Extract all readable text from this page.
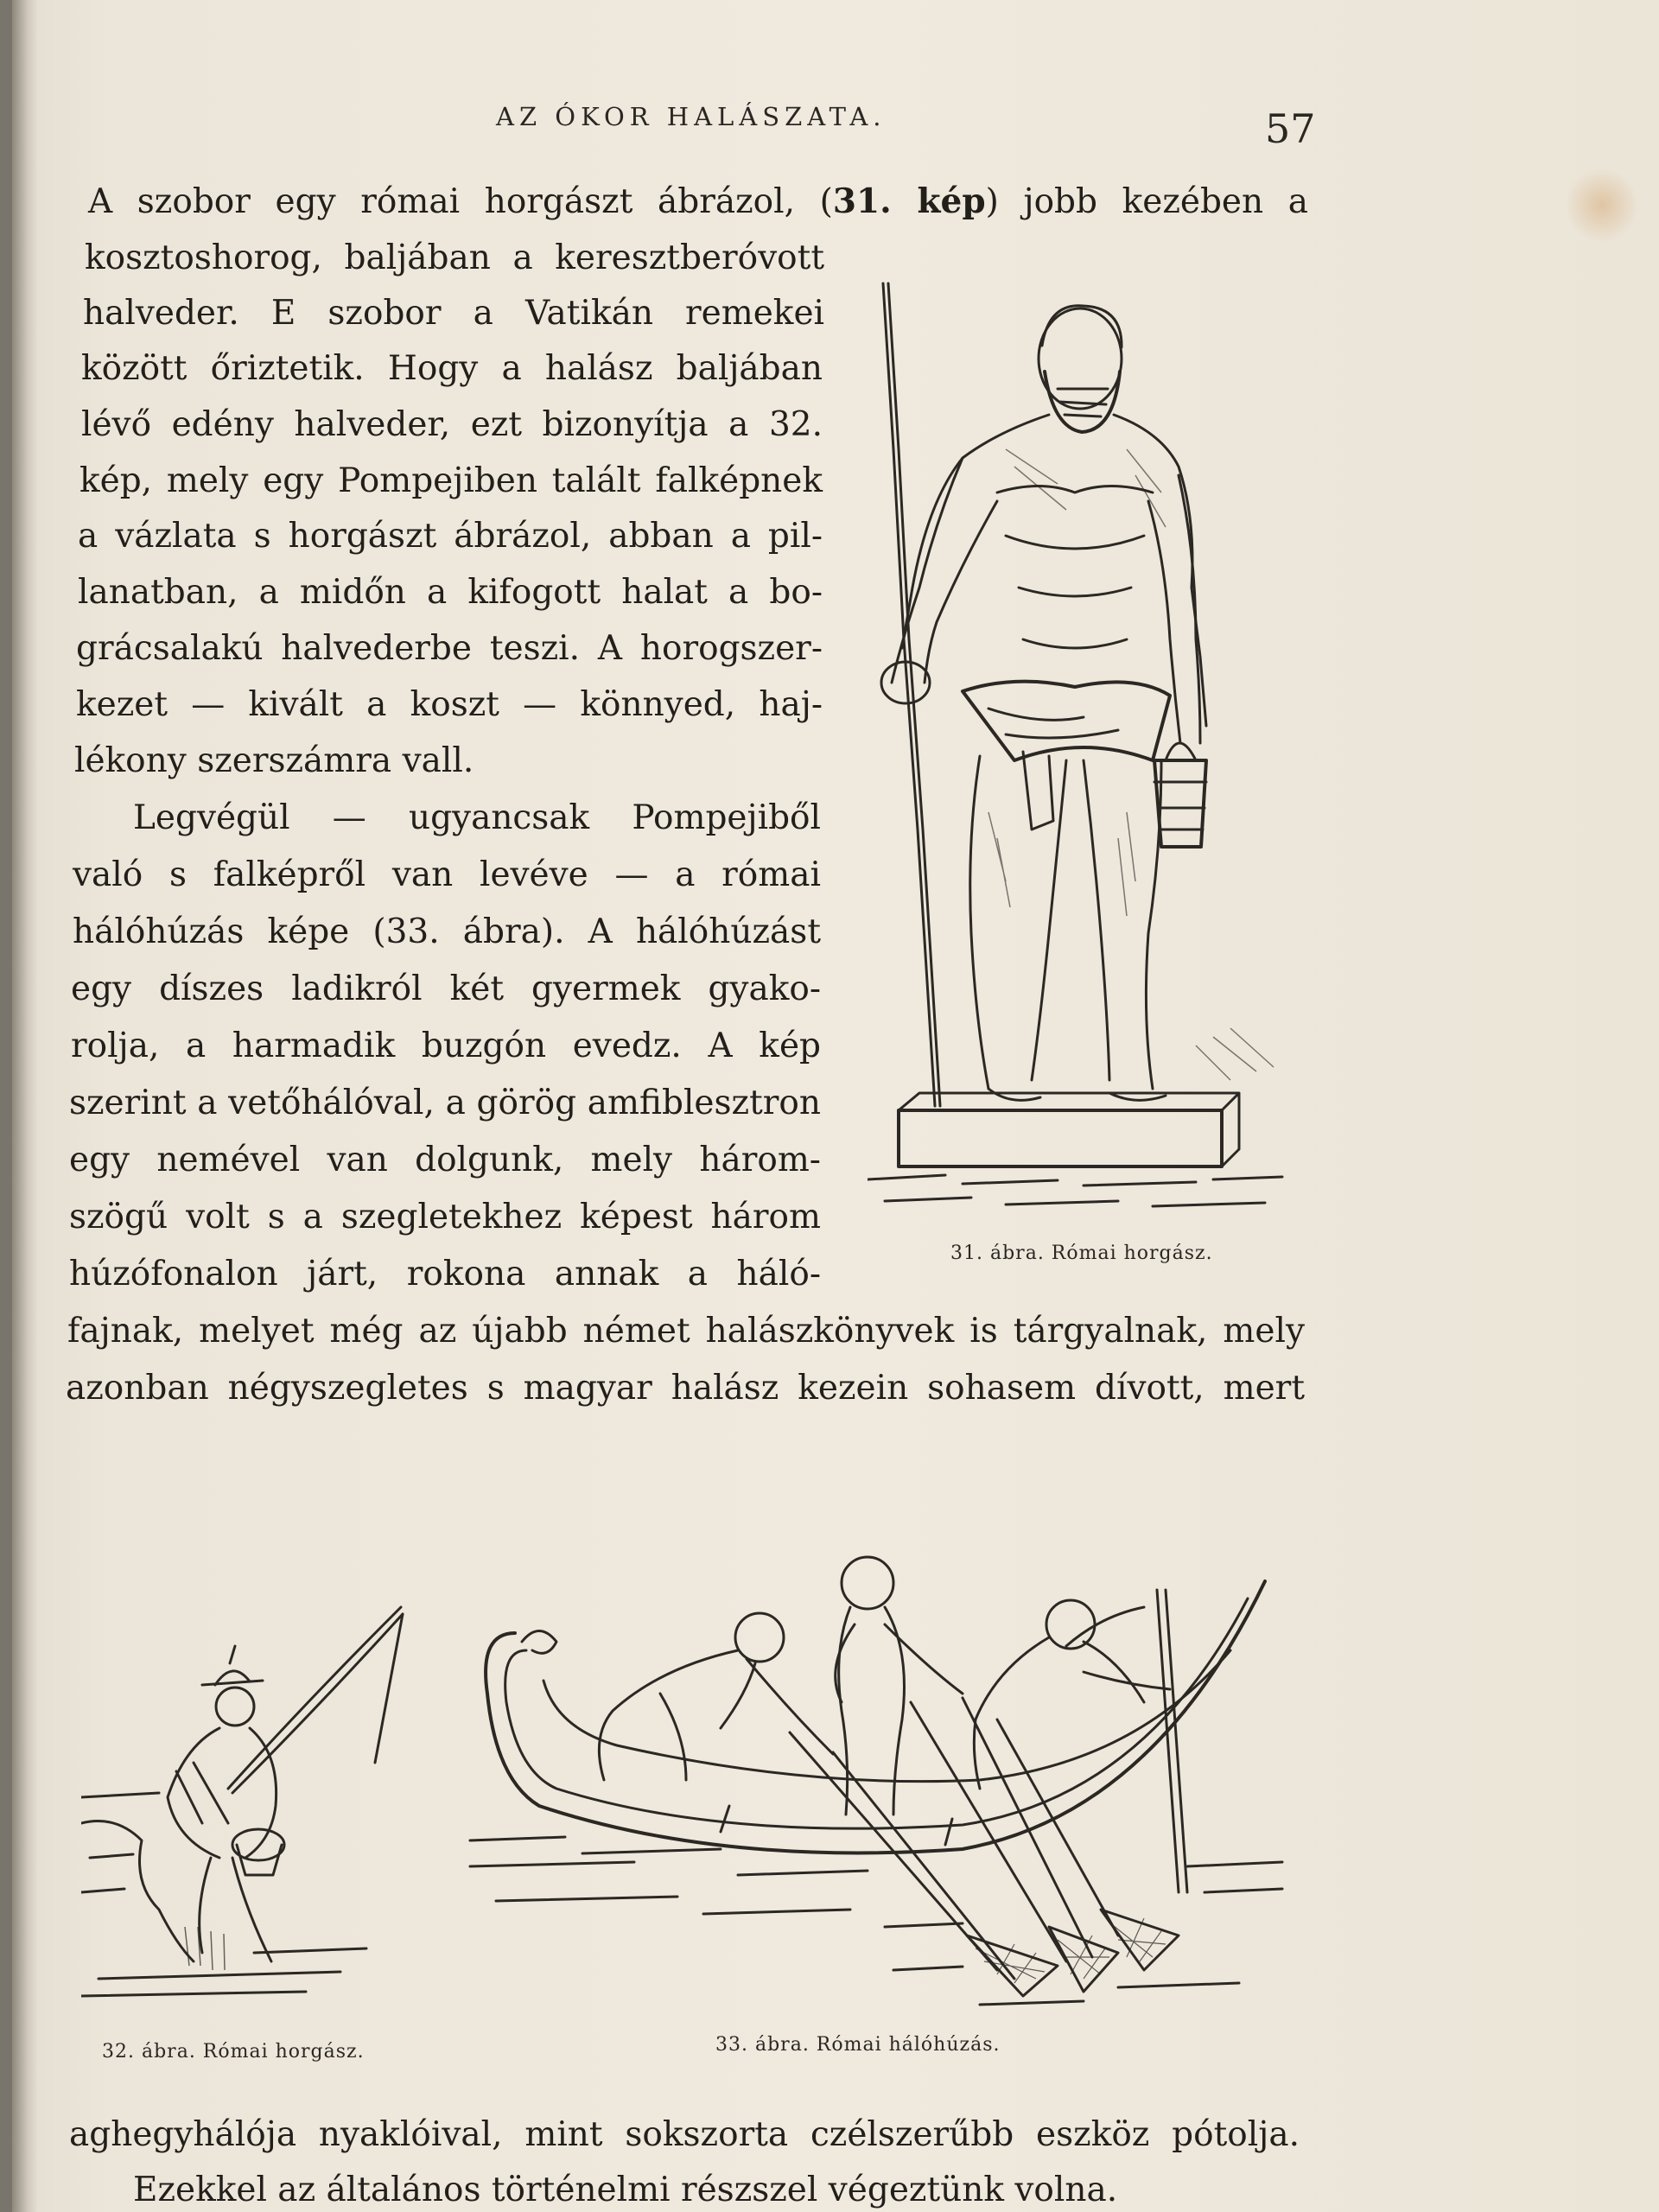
AZ ÓKOR HALÁSZATA.	57

A szobor egy római horgászt ábrázol, (31. kép) jobb kezében a

kosztoshorog, baljában a keresztberóvott

halveder. E szobor a Vatikán remekei

között őriztetik. Hogy a halász baljában

lévő edény halveder, ezt bizonyítja a 32.

kép, mely egy Pompejiben talált falképnek

a vázlata s horgászt ábrázol, abban a pil-

lanatban, a midőn a kifogott halat a bo-

grácsalakú halvederbe teszi. A horogszer-

kezet — kivált a koszt — könnyed, haj-

lékony szerszámra vall.

Legvégül — ugyancsak Pompejiből

való s falképről van levéve — a római

hálóhúzás képe (33. ábra). A hálóhúzást

egy díszes ladikról két gyermek gyako-

rolja, a harmadik buzgón evedz. A kép

szerint a vetőhálóval, a görög amfiblesztron

egy nemével van dolgunk, mely három-

szögű volt s a szegletekhez képest három

húzófonalon járt, rokona annak a háló-

fajnak, melyet még az újabb német halászkönyvek is tárgyalnak, mely

azonban négyszegletes s magyar halász kezein sohasem dívott, mert

aghegyhálója nyaklóival, mint sokszorta czélszerűbb eszköz pótolja.

Ezekkel az általános történelmi részszel végeztünk volna.

31. ábra. Római horgász.

32. ábra. Római horgász.	33. ábra. Római hálóhúzás.
